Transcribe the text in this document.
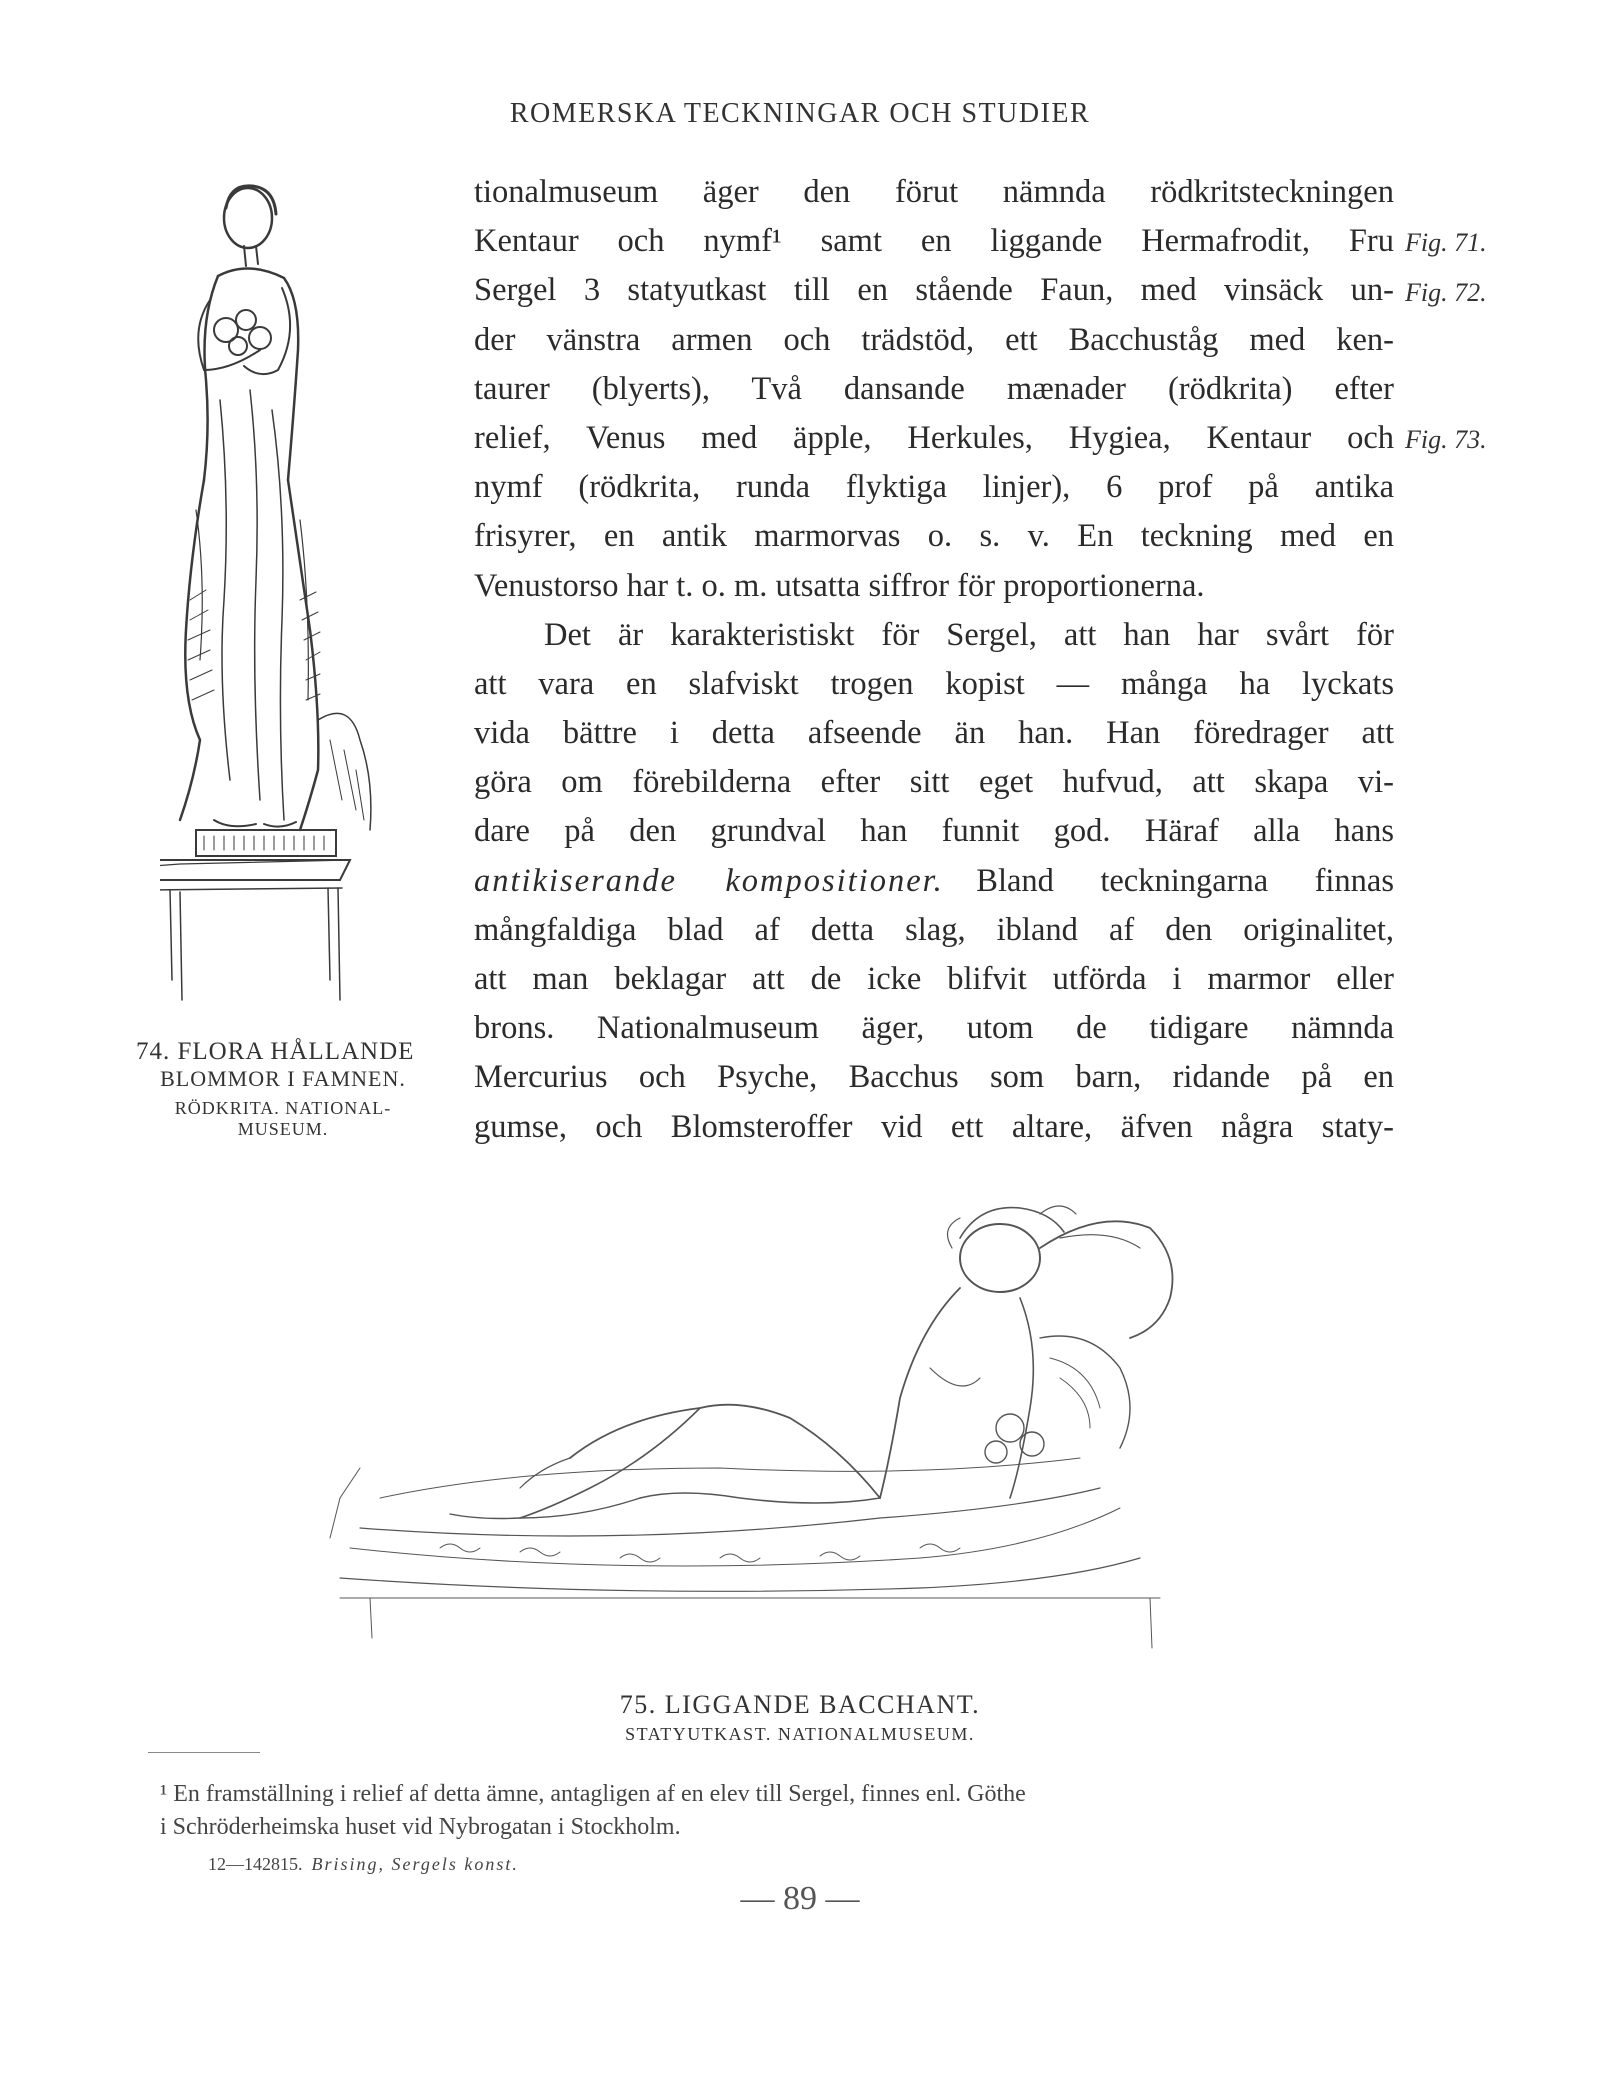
ROMERSKA TECKNINGAR OCH STUDIER
74. FLORA HÅLLANDE
BLOMMOR I FAMNEN.
RÖDKRITA. NATIONAL-
MUSEUM.
tionalmuseum äger den förut nämnda rödkritsteckningen
Kentaur och nymf¹ samt en liggande Hermafrodit, Fru
Sergel 3 statyutkast till en stående Faun, med vinsäck un-
der vänstra armen och trädstöd, ett Bacchuståg med ken-
taurer (blyerts), Två dansande mænader (rödkrita) efter
relief, Venus med äpple, Herkules, Hygiea, Kentaur och
nymf (rödkrita, runda flyktiga linjer), 6 prof på antika
frisyrer, en antik marmorvas o. s. v. En teckning med en
Venustorso har t. o. m. utsatta siffror för proportionerna.
Det är karakteristiskt för Sergel, att han har svårt för
att vara en slafviskt trogen kopist — många ha lyckats
vida bättre i detta afseende än han. Han föredrager att
göra om förebilderna efter sitt eget hufvud, att skapa vi-
dare på den grundval han funnit god. Häraf alla hans
antikiserande kompositioner.  Bland teckningarna finnas
mångfaldiga blad af detta slag, ibland af den originalitet,
att man beklagar att de icke blifvit utförda i marmor eller
brons. Nationalmuseum äger, utom de tidigare nämnda
Mercurius och Psyche, Bacchus som barn, ridande på en
gumse, och Blomsteroffer vid ett altare, äfven några staty-
Fig. 71.
Fig. 72.
Fig. 73.
75. LIGGANDE BACCHANT.
STATYUTKAST. NATIONALMUSEUM.
¹ En framställning i relief af detta ämne, antagligen af en elev till Sergel, finnes enl. Göthe
i Schröderheimska huset vid Nybrogatan i Stockholm.
12—142815. Brising, Sergels konst.
— 89 —
